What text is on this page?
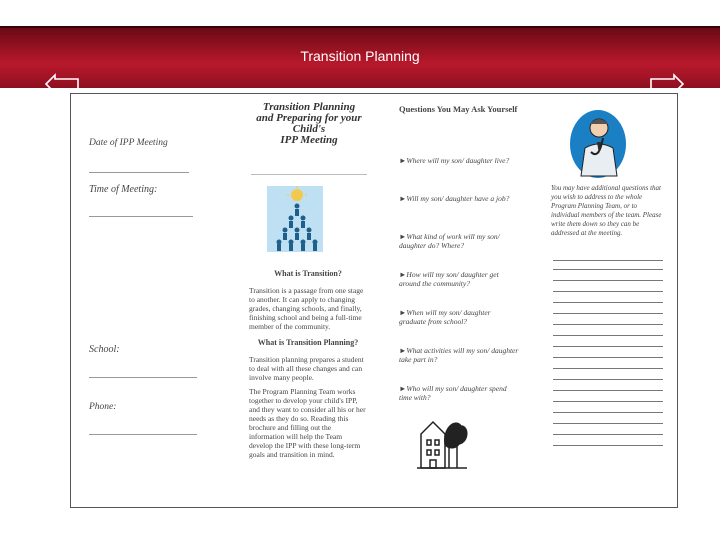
Transition Planning
Date of IPP Meeting
Time of Meeting:
School:
Phone:
Transition Planning
and Preparing for your
Child's
IPP Meeting
What is Transition?
Transition is a passage from one stage to another. It can apply to changing grades, changing schools, and finally, finishing school and being a full-time member of the community.
What is Transition Planning?
Transition planning prepares a student to deal with all these changes and can involve many people.
The Program Planning Team works together to develop your child's IPP, and they want to consider all his or her needs as they do so. Reading this brochure and filling out the information will help the Team develop the IPP with these long-term goals and transition in mind.
Questions You May Ask Yourself
►Where will my son/ daughter live?
►Will my son/ daughter have a job?
►What kind of work will my son/ daughter do? Where?
►How will my son/ daughter get around the community?
►When will my son/ daughter graduate from school?
►What activities will my son/ daughter take part in?
►Who will my son/ daughter spend time with?
You may have additional questions that you wish to address to the whole Program Planning Team, or to individual members of the team. Please write them down so they can be addressed at the meeting.
